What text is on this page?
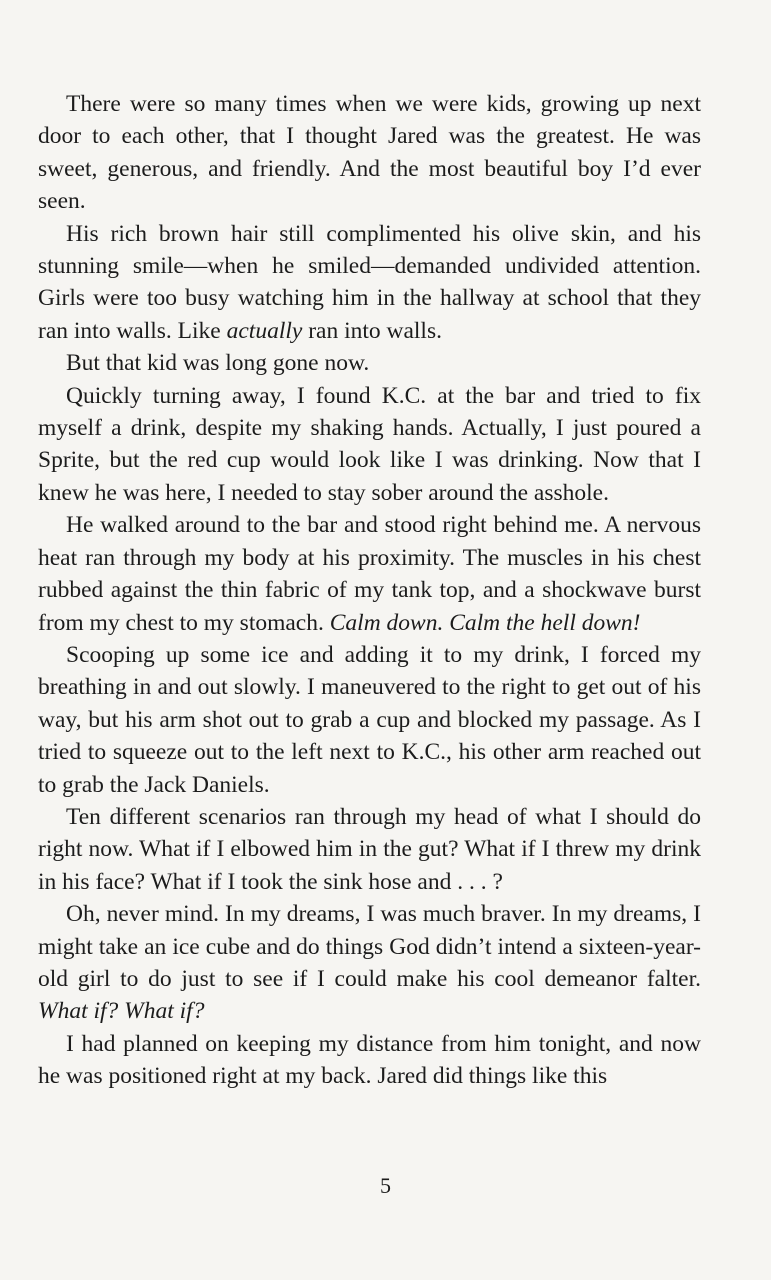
There were so many times when we were kids, growing up next door to each other, that I thought Jared was the greatest. He was sweet, generous, and friendly. And the most beautiful boy I’d ever seen.

His rich brown hair still complimented his olive skin, and his stunning smile—when he smiled—demanded undivided attention. Girls were too busy watching him in the hallway at school that they ran into walls. Like actually ran into walls.

But that kid was long gone now.

Quickly turning away, I found K.C. at the bar and tried to fix myself a drink, despite my shaking hands. Actually, I just poured a Sprite, but the red cup would look like I was drinking. Now that I knew he was here, I needed to stay sober around the asshole.

He walked around to the bar and stood right behind me. A nervous heat ran through my body at his proximity. The muscles in his chest rubbed against the thin fabric of my tank top, and a shockwave burst from my chest to my stomach. Calm down. Calm the hell down!

Scooping up some ice and adding it to my drink, I forced my breathing in and out slowly. I maneuvered to the right to get out of his way, but his arm shot out to grab a cup and blocked my passage. As I tried to squeeze out to the left next to K.C., his other arm reached out to grab the Jack Daniels.

Ten different scenarios ran through my head of what I should do right now. What if I elbowed him in the gut? What if I threw my drink in his face? What if I took the sink hose and . . . ?

Oh, never mind. In my dreams, I was much braver. In my dreams, I might take an ice cube and do things God didn’t intend a sixteen-year-old girl to do just to see if I could make his cool demeanor falter. What if? What if?

I had planned on keeping my distance from him tonight, and now he was positioned right at my back. Jared did things like this

5
